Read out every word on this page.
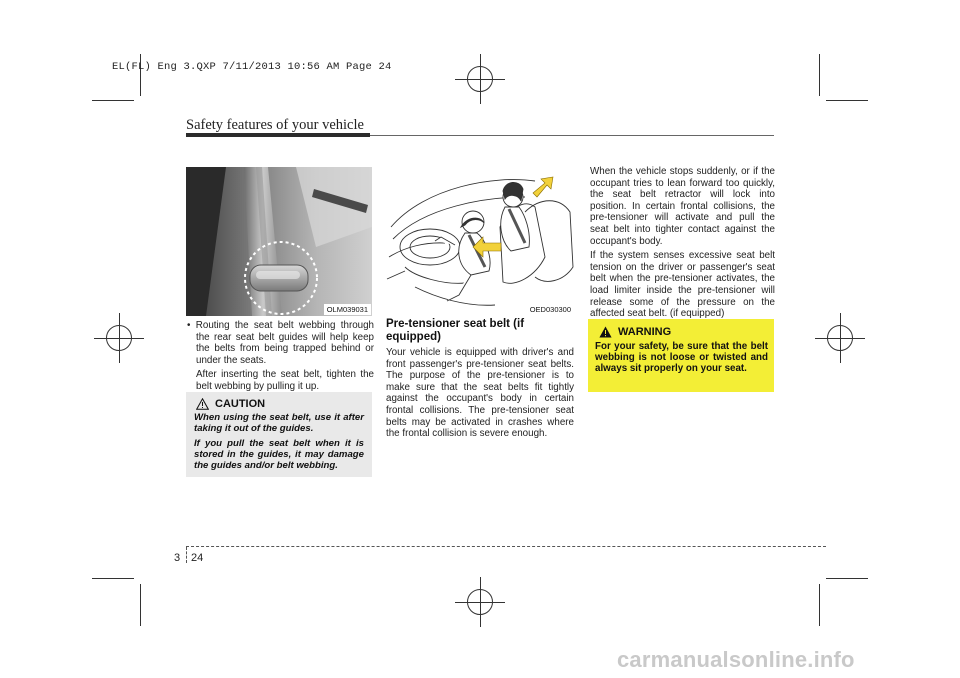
EL(FL) Eng 3.QXP 7/11/2013 10:56 AM Page 24
Safety features of your vehicle
OLM039031	OED030300

• Routing the seat belt webbing through the rear seat belt guides will help keep the belts from being trapped behind or under the seats.

After inserting the seat belt, tighten the belt webbing by pulling it up.

CAUTION

When using the seat belt, use it after taking it out of the guides.

If you pull the seat belt when it is stored in the guides, it may damage the guides and/or belt webbing.

Pre-tensioner seat belt (if equipped)
Your vehicle is equipped with driver's and front passenger's pre-tensioner seat belts. The purpose of the pre-tensioner is to make sure that the seat belts fit tightly against the occupant's body in certain frontal collisions. The pre-tensioner seat belts may be activated in crashes where the frontal collision is severe enough.

When the vehicle stops suddenly, or if the occupant tries to lean forward too quickly, the seat belt retractor will lock into position. In certain frontal collisions, the pre-tensioner will activate and pull the seat belt into tighter contact against the occupant's body.

If the system senses excessive seat belt tension on the driver or passenger's seat belt when the pre-tensioner activates, the load limiter inside the pre-tensioner will release some of the pressure on the affected seat belt. (if equipped)

WARNING
For your safety, be sure that the belt webbing is not loose or twisted and always sit properly on your seat.
3 24
carmanualsonline.info
